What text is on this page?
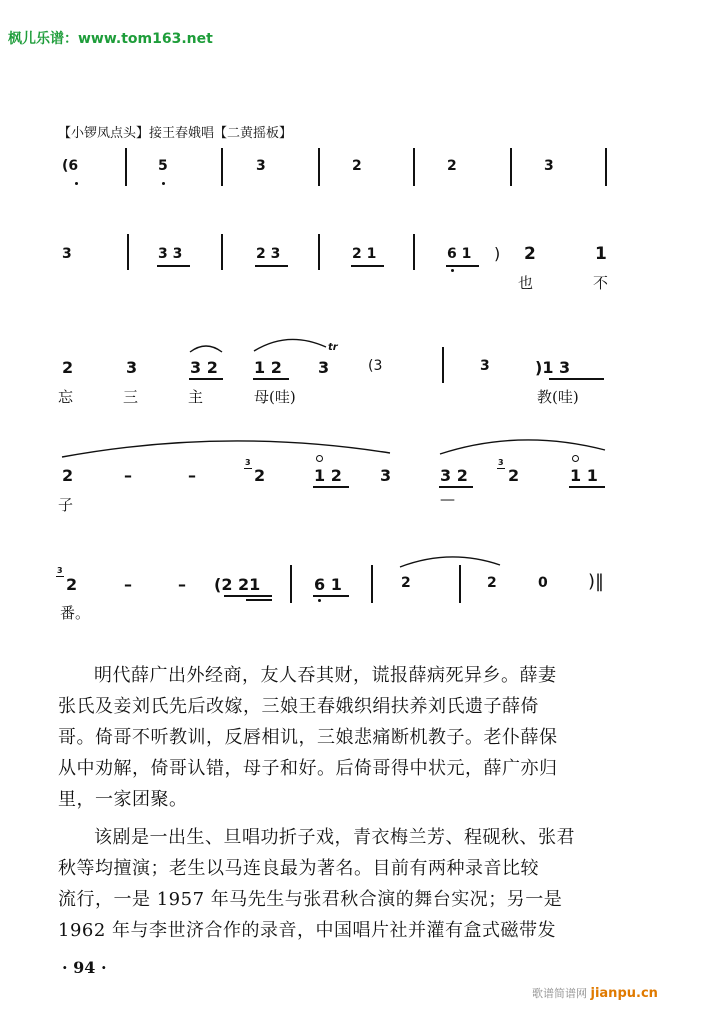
枫儿乐谱：www.tom163.net
【小锣凤点头】接王春娥唱【二黄摇板】
(6	5	3	2	2	3
3	3 3	2 3	2 1	6 1 ) 2	1
也	不
2	3	3 2 1 2 3
tr
(3	3	)1 3
忘	三	主	母(哇)	教(哇)
2	–	–
3
2	1 2 3	3 2
3
2	1 1
子	—
3
2	–	– (2 21	6 1	2	2	0 )‖
番。
明代薛广出外经商，友人吞其财，谎报薛病死异乡。薛妻
张氏及妾刘氏先后改嫁，三娘王春娥织绢扶养刘氏遗子薛倚
哥。倚哥不听教训，反唇相讥，三娘悲痛断机教子。老仆薛保
从中劝解，倚哥认错，母子和好。后倚哥得中状元，薛广亦归
里，一家团聚。
该剧是一出生、旦唱功折子戏，青衣梅兰芳、程砚秋、张君
秋等均擅演；老生以马连良最为著名。目前有两种录音比较
流行，一是 1957 年马先生与张君秋合演的舞台实况；另一是
1962 年与李世济合作的录音，中国唱片社并灌有盒式磁带发
· 94 ·
歌谱简谱网 jianpu.cn
